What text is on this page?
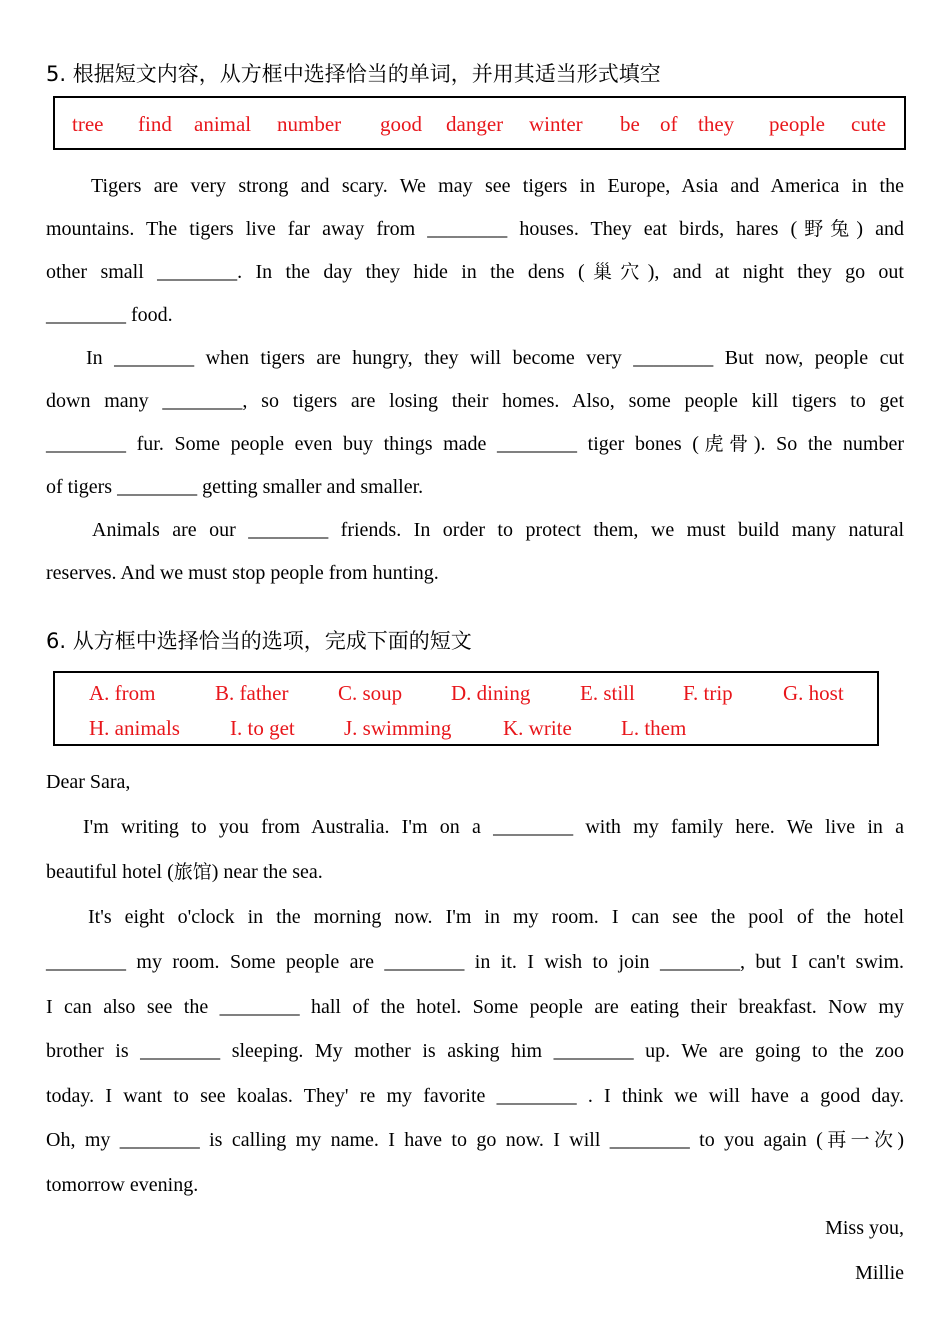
5. 根据短文内容，从方框中选择恰当的单词，并用其适当形式填空
tree find animal number good danger winter be of they people cute
Tigers are very strong and scary. We may see tigers in Europe, Asia and America in the
mountains. The tigers live far away from ________ houses. They eat birds, hares (野兔) and
other small ________. In the day they hide in the dens (巢穴), and at night they go out
________ food.
In ________ when tigers are hungry, they will become very ________ But now, people cut
down many ________, so tigers are losing their homes. Also, some people kill tigers to get
________ fur. Some people even buy things made ________ tiger bones (虎骨). So the number
of tigers ________ getting smaller and smaller.
Animals are our ________ friends. In order to protect them, we must build many natural
reserves. And we must stop people from hunting.
6. 从方框中选择恰当的选项，完成下面的短文
A. from	B. father C. soup D. dining E. still F. trip G. host
H. animals I. to get J. swimming K. write L. them
Dear Sara,
I'm writing to you from Australia. I'm on a ________ with my family here. We live in a
beautiful hotel (旅馆) near the sea.
It's eight o'clock in the morning now. I'm in my room. I can see the pool of the hotel
________ my room. Some people are ________ in it. I wish to join ________, but I can't swim.
I can also see the ________ hall of the hotel. Some people are eating their breakfast. Now my
brother is ________ sleeping. My mother is asking him ________ up. We are going to the zoo
today. I want to see koalas. They' re my favorite ________ . I think we will have a good day.
Oh, my ________ is calling my name. I have to go now. I will ________ to you again (再一次)
tomorrow evening.
Miss you,
Millie
